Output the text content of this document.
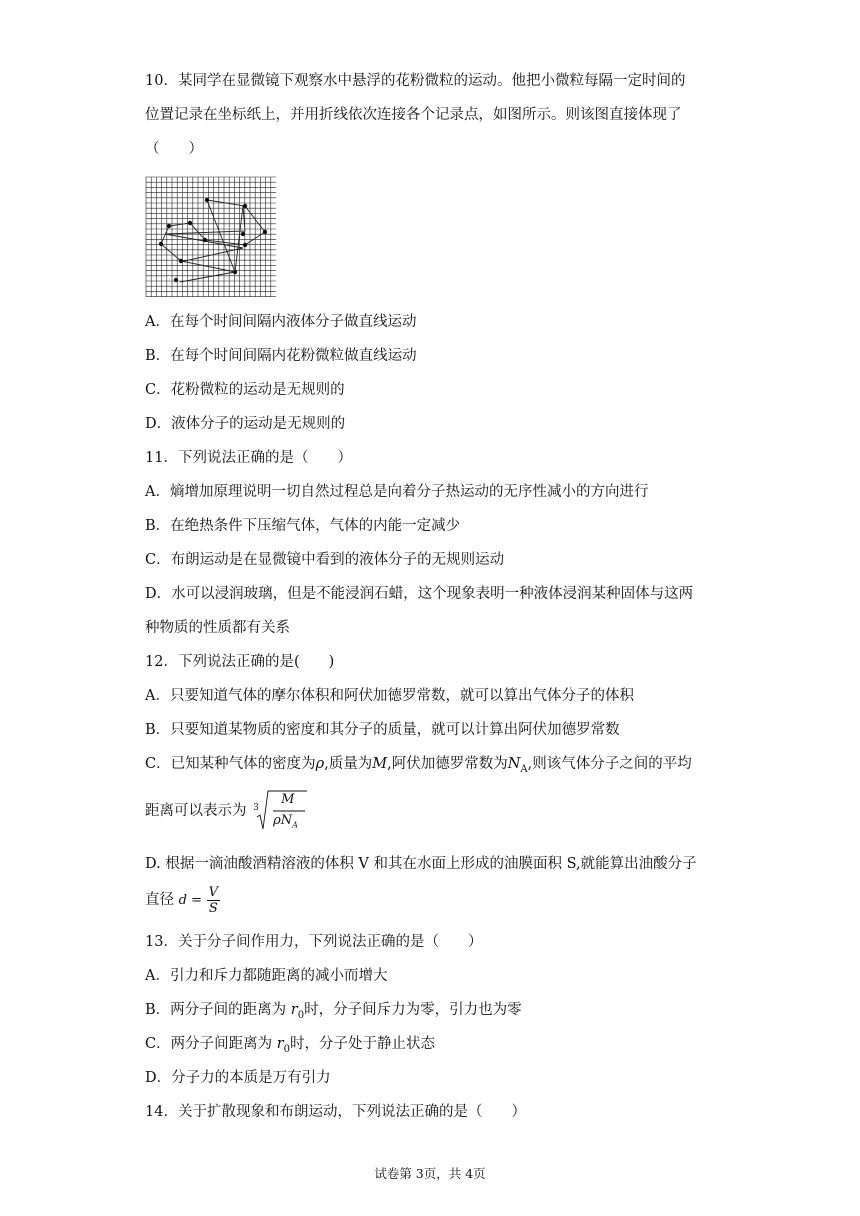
10．某同学在显微镜下观察水中悬浮的花粉微粒的运动。他把小微粒每隔一定时间的
位置记录在坐标纸上，并用折线依次连接各个记录点，如图所示。则该图直接体现了
（　　）
A．在每个时间间隔内液体分子做直线运动
B．在每个时间间隔内花粉微粒做直线运动
C．花粉微粒的运动是无规则的
D．液体分子的运动是无规则的
11．下列说法正确的是（　　）
A．熵增加原理说明一切自然过程总是向着分子热运动的无序性减小的方向进行
B．在绝热条件下压缩气体，气体的内能一定减少
C．布朗运动是在显微镜中看到的液体分子的无规则运动
D．水可以浸润玻璃，但是不能浸润石蜡，这个现象表明一种液体浸润某种固体与这两
种物质的性质都有关系
12．下列说法正确的是(　　)
A．只要知道气体的摩尔体积和阿伏加德罗常数，就可以算出气体分子的体积
B．只要知道某物质的密度和其分子的质量，就可以计算出阿伏加德罗常数
C．已知某种气体的密度为ρ,质量为M,阿伏加德罗常数为$N_A$,则该气体分子之间的平均
距离可以表示为 3
M
$\rho N_A$
D. 根据一滴油酸酒精溶液的体积 V 和其在水面上形成的油膜面积 S,就能算出油酸分子
直径 $d = \frac{V}{S}$
13．关于分子间作用力，下列说法正确的是（　　）
A．引力和斥力都随距离的减小而增大
B．两分子间的距离为 $r_0$时，分子间斥力为零，引力也为零
C．两分子间距离为 $r_0$时，分子处于静止状态
D．分子力的本质是万有引力
14．关于扩散现象和布朗运动，下列说法正确的是（　　）
试卷第 3页，共 4页
